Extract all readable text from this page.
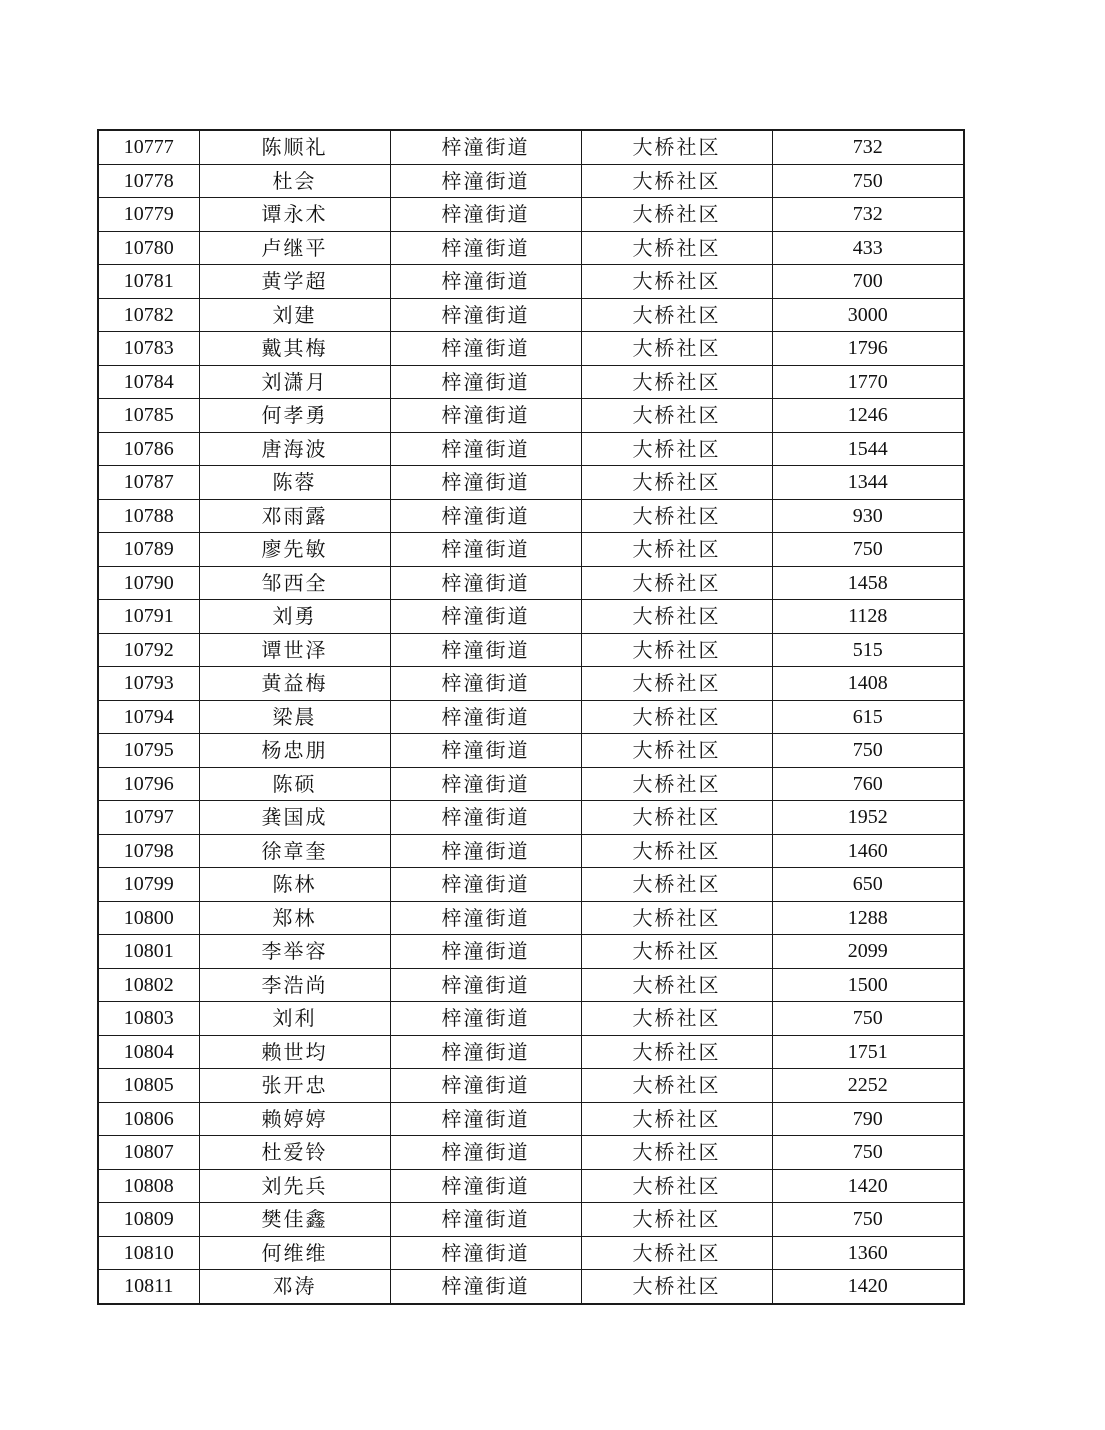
10777	陈顺礼	梓潼街道	大桥社区	732
10778	杜会	梓潼街道	大桥社区	750
10779	谭永术	梓潼街道	大桥社区	732
10780	卢继平	梓潼街道	大桥社区	433
10781	黄学超	梓潼街道	大桥社区	700
10782	刘建	梓潼街道	大桥社区	3000
10783	戴其梅	梓潼街道	大桥社区	1796
10784	刘潇月	梓潼街道	大桥社区	1770
10785	何孝勇	梓潼街道	大桥社区	1246
10786	唐海波	梓潼街道	大桥社区	1544
10787	陈蓉	梓潼街道	大桥社区	1344
10788	邓雨露	梓潼街道	大桥社区	930
10789	廖先敏	梓潼街道	大桥社区	750
10790	邹西全	梓潼街道	大桥社区	1458
10791	刘勇	梓潼街道	大桥社区	1128
10792	谭世泽	梓潼街道	大桥社区	515
10793	黄益梅	梓潼街道	大桥社区	1408
10794	梁晨	梓潼街道	大桥社区	615
10795	杨忠朋	梓潼街道	大桥社区	750
10796	陈硕	梓潼街道	大桥社区	760
10797	龚国成	梓潼街道	大桥社区	1952
10798	徐章奎	梓潼街道	大桥社区	1460
10799	陈林	梓潼街道	大桥社区	650
10800	郑林	梓潼街道	大桥社区	1288
10801	李举容	梓潼街道	大桥社区	2099
10802	李浩尚	梓潼街道	大桥社区	1500
10803	刘利	梓潼街道	大桥社区	750
10804	赖世均	梓潼街道	大桥社区	1751
10805	张开忠	梓潼街道	大桥社区	2252
10806	赖婷婷	梓潼街道	大桥社区	790
10807	杜爱铃	梓潼街道	大桥社区	750
10808	刘先兵	梓潼街道	大桥社区	1420
10809	樊佳鑫	梓潼街道	大桥社区	750
10810	何维维	梓潼街道	大桥社区	1360
10811	邓涛	梓潼街道	大桥社区	1420
